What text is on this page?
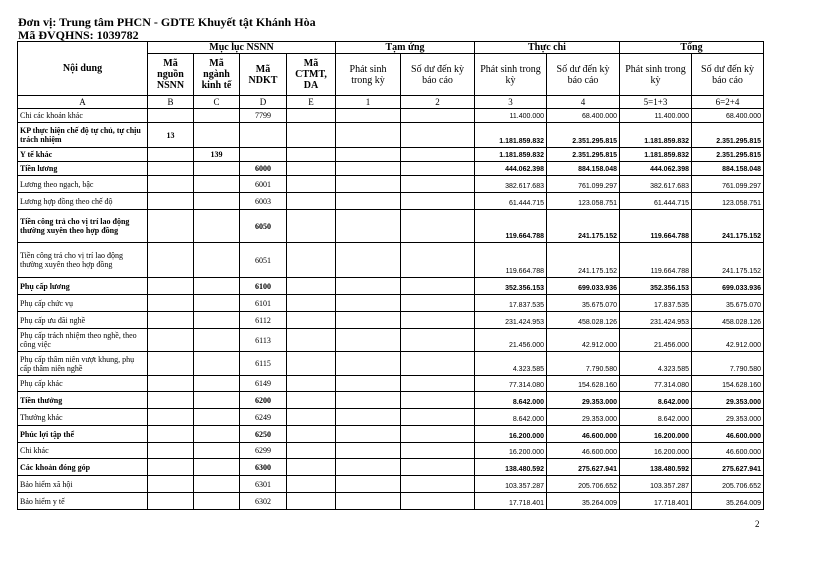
Đơn vị: Trung tâm PHCN - GDTE Khuyết tật Khánh Hòa
Mã ĐVQHNS: 1039782
Nội dung	Mục lục NSNN				Tạm ứng		Thực chi		Tổng	
	Mã nguồn NSNN	Mã ngành kinh tế	Mã NDKT	Mã CTMT, DA	Phát sinh trong kỳ	Số dư đến kỳ báo cáo	Phát sinh trong kỳ	Số dư đến kỳ báo cáo	Phát sinh trong kỳ	Số dư đến kỳ báo cáo
A	B	C	D	E	1	2	3	4	5=1+3	6=2+4
Chi các khoản khác			7799				11.400.000	68.400.000	11.400.000	68.400.000
KP thực hiện chế độ tự chủ, tự chịu trách nhiệm	13						1.181.859.832	2.351.295.815	1.181.859.832	2.351.295.815
Y tế khác		139					1.181.859.832	2.351.295.815	1.181.859.832	2.351.295.815
Tiền lương			6000				444.062.398	884.158.048	444.062.398	884.158.048
Lương theo ngạch, bậc			6001				382.617.683	761.099.297	382.617.683	761.099.297
Lương hợp đồng theo chế độ			6003				61.444.715	123.058.751	61.444.715	123.058.751
Tiền công trả cho vị trí lao động thường xuyên theo hợp đồng			6050				119.664.788	241.175.152	119.664.788	241.175.152
Tiền công trả cho vị trí lao động thường xuyên theo hợp đồng			6051				119.664.788	241.175.152	119.664.788	241.175.152
Phụ cấp lương			6100				352.356.153	699.033.936	352.356.153	699.033.936
Phụ cấp chức vụ			6101				17.837.535	35.675.070	17.837.535	35.675.070
Phụ cấp ưu đãi nghề			6112				231.424.953	458.028.126	231.424.953	458.028.126
Phụ cấp trách nhiệm theo nghề, theo công việc			6113				21.456.000	42.912.000	21.456.000	42.912.000
Phụ cấp thâm niên vượt khung, phụ cấp thâm niên nghề			6115				4.323.585	7.790.580	4.323.585	7.790.580
Phụ cấp khác			6149				77.314.080	154.628.160	77.314.080	154.628.160
Tiền thưởng			6200				8.642.000	29.353.000	8.642.000	29.353.000
Thưởng khác			6249				8.642.000	29.353.000	8.642.000	29.353.000
Phúc lợi tập thể			6250				16.200.000	46.600.000	16.200.000	46.600.000
Chi khác			6299				16.200.000	46.600.000	16.200.000	46.600.000
Các khoản đóng góp			6300				138.480.592	275.627.941	138.480.592	275.627.941
Bảo hiểm xã hội			6301				103.357.287	205.706.652	103.357.287	205.706.652
Bảo hiểm y tế			6302				17.718.401	35.264.009	17.718.401	35.264.009
2
